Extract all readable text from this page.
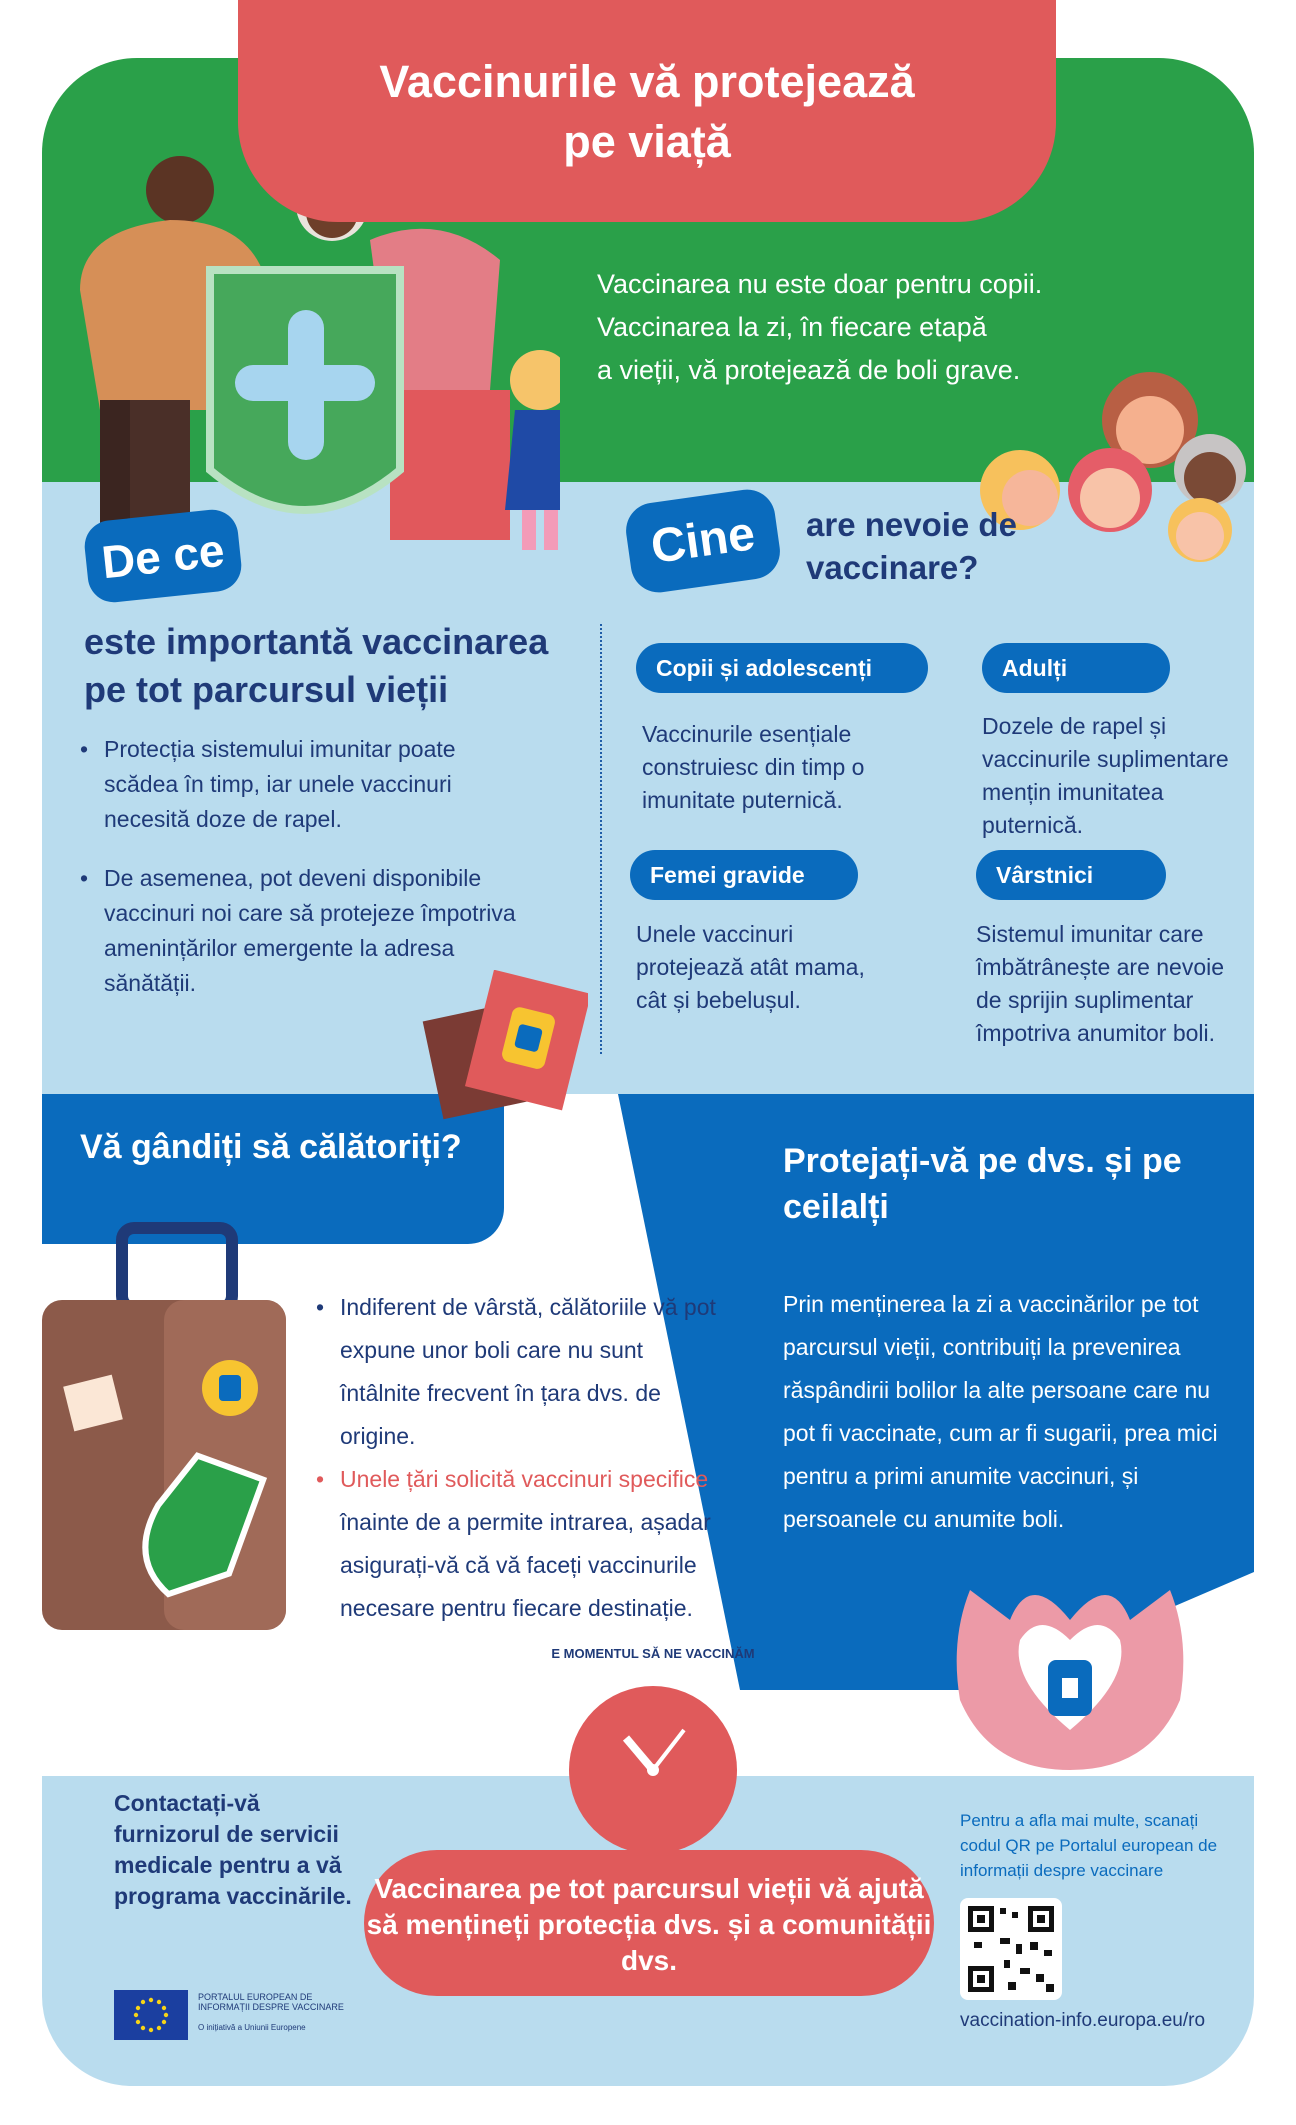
E MOMENTUL SĂ NE VACCINĂM
Vaccinurile vă protejează
pe viață
Vaccinarea nu este doar pentru copii.
Vaccinarea la zi, în fiecare etapă
a vieții, vă protejează de boli grave.
De ce
este importantă vaccinarea pe tot parcursul vieții
• Protecția sistemului imunitar poate scădea în timp, iar unele vaccinuri necesită doze de rapel.
• De asemenea, pot deveni disponibile vaccinuri noi care să protejeze împotriva amenințărilor emergente la adresa sănătății.
Cine	are nevoie de vaccinare?
Copii și adolescenți
Vaccinurile esențiale construiesc din timp o imunitate puternică.
Adulți
Dozele de rapel și vaccinurile suplimentare mențin imunitatea puternică.
Femei gravide
Unele vaccinuri protejează atât mama, cât și bebelușul.
Vârstnici
Sistemul imunitar care îmbătrânește are nevoie de sprijin suplimentar împotriva anumitor boli.
Vă gândiți să călătoriți?
• Indiferent de vârstă, călătoriile vă pot expune unor boli care nu sunt întâlnite frecvent în țara dvs. de origine.
• Unele țări solicită vaccinuri specifice înainte de a permite intrarea, așadar asigurați-vă că vă faceți vaccinurile necesare pentru fiecare destinație.
Protejați-vă pe dvs. și pe ceilalți
Prin menținerea la zi a vaccinărilor pe tot parcursul vieții, contribuiți la prevenirea răspândirii bolilor la alte persoane care nu pot fi vaccinate, cum ar fi sugarii, prea mici pentru a primi anumite vaccinuri, și persoanele cu anumite boli.
Contactați-vă furnizorul de servicii medicale pentru a vă programa vaccinările. Vaccinarea pe tot parcursul vieții vă ajută să mențineți protecția dvs. și a comunității dvs.
Pentru a afla mai multe, scanați codul QR pe Portalul european de informații despre vaccinare
vaccination-info.europa.eu/ro
PORTALUL EUROPEAN DE INFORMAȚII DESPRE VACCINARE
O inițiativă a Uniunii Europene
